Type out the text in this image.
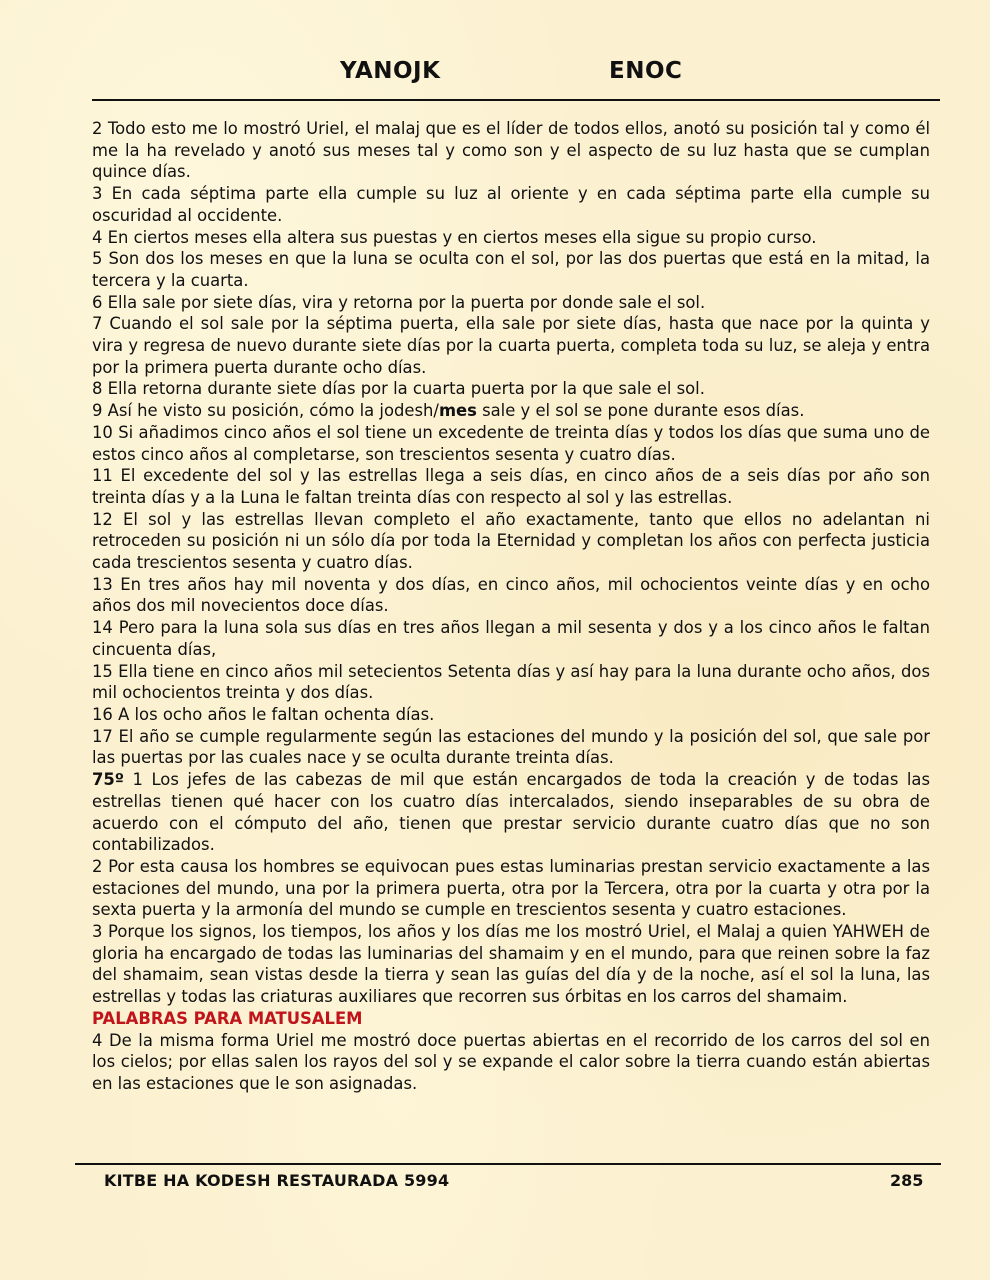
YANOJK	ENOC

2 Todo esto me lo mostró Uriel, el malaj que es el líder de todos ellos, anotó su posición tal y como él me la ha revelado y anotó sus meses tal y como son y el aspecto de su luz hasta que se cumplan quince días.

3 En cada séptima parte ella cumple su luz al oriente y en cada séptima parte ella cumple su oscuridad al occidente.

4 En ciertos meses ella altera sus puestas y en ciertos meses ella sigue su propio curso.

5 Son dos los meses en que la luna se oculta con el sol, por las dos puertas que está en la mitad, la tercera y la cuarta.

6 Ella sale por siete días, vira y retorna por la puerta por donde sale el sol.

7 Cuando el sol sale por la séptima puerta, ella sale por siete días, hasta que nace por la quinta y vira y regresa de nuevo durante siete días por la cuarta puerta, completa toda su luz, se aleja y entra por la primera puerta durante ocho días.

8 Ella retorna durante siete días por la cuarta puerta por la que sale el sol.

9 Así he visto su posición, cómo la jodesh/mes sale y el sol se pone durante esos días.

10 Si añadimos cinco años el sol tiene un excedente de treinta días y todos los días que suma uno de estos cinco años al completarse, son trescientos sesenta y cuatro días.

11 El excedente del sol y las estrellas llega a seis días, en cinco años de a seis días por año son treinta días y a la Luna le faltan treinta días con respecto al sol y las estrellas.

12 El sol y las estrellas llevan completo el año exactamente, tanto que ellos no adelantan ni retroceden su posición ni un sólo día por toda la Eternidad y completan los años con perfecta justicia cada trescientos sesenta y cuatro días.

13 En tres años hay mil noventa y dos días, en cinco años, mil ochocientos veinte días y en ocho años dos mil novecientos doce días.

14 Pero para la luna sola sus días en tres años llegan a mil sesenta y dos y a los cinco años le faltan cincuenta días,

15 Ella tiene en cinco años mil setecientos Setenta días y así hay para la luna durante ocho años, dos mil ochocientos treinta y dos días.

16 A los ocho años le faltan ochenta días.

17 El año se cumple regularmente según las estaciones del mundo y la posición del sol, que sale por las puertas por las cuales nace y se oculta durante treinta días.

75º 1 Los jefes de las cabezas de mil que están encargados de toda la creación y de todas las estrellas tienen qué hacer con los cuatro días intercalados, siendo inseparables de su obra de acuerdo con el cómputo del año, tienen que prestar servicio durante cuatro días que no son contabilizados.

2 Por esta causa los hombres se equivocan pues estas luminarias prestan servicio exactamente a las estaciones del mundo, una por la primera puerta, otra por la Tercera, otra por la cuarta y otra por la sexta puerta y la armonía del mundo se cumple en trescientos sesenta y cuatro estaciones.

3 Porque los signos, los tiempos, los años y los días me los mostró Uriel, el Malaj a quien YAHWEH de gloria ha encargado de todas las luminarias del shamaim y en el mundo, para que reinen sobre la faz del shamaim, sean vistas desde la tierra y sean las guías del día y de la noche, así el sol la luna, las estrellas y todas las criaturas auxiliares que recorren sus órbitas en los carros del shamaim.

PALABRAS PARA MATUSALEM

4 De la misma forma Uriel me mostró doce puertas abiertas en el recorrido de los carros del sol en los cielos; por ellas salen los rayos del sol y se expande el calor sobre la tierra cuando están abiertas en las estaciones que le son asignadas.

KITBE HA KODESH RESTAURADA 5994	285
